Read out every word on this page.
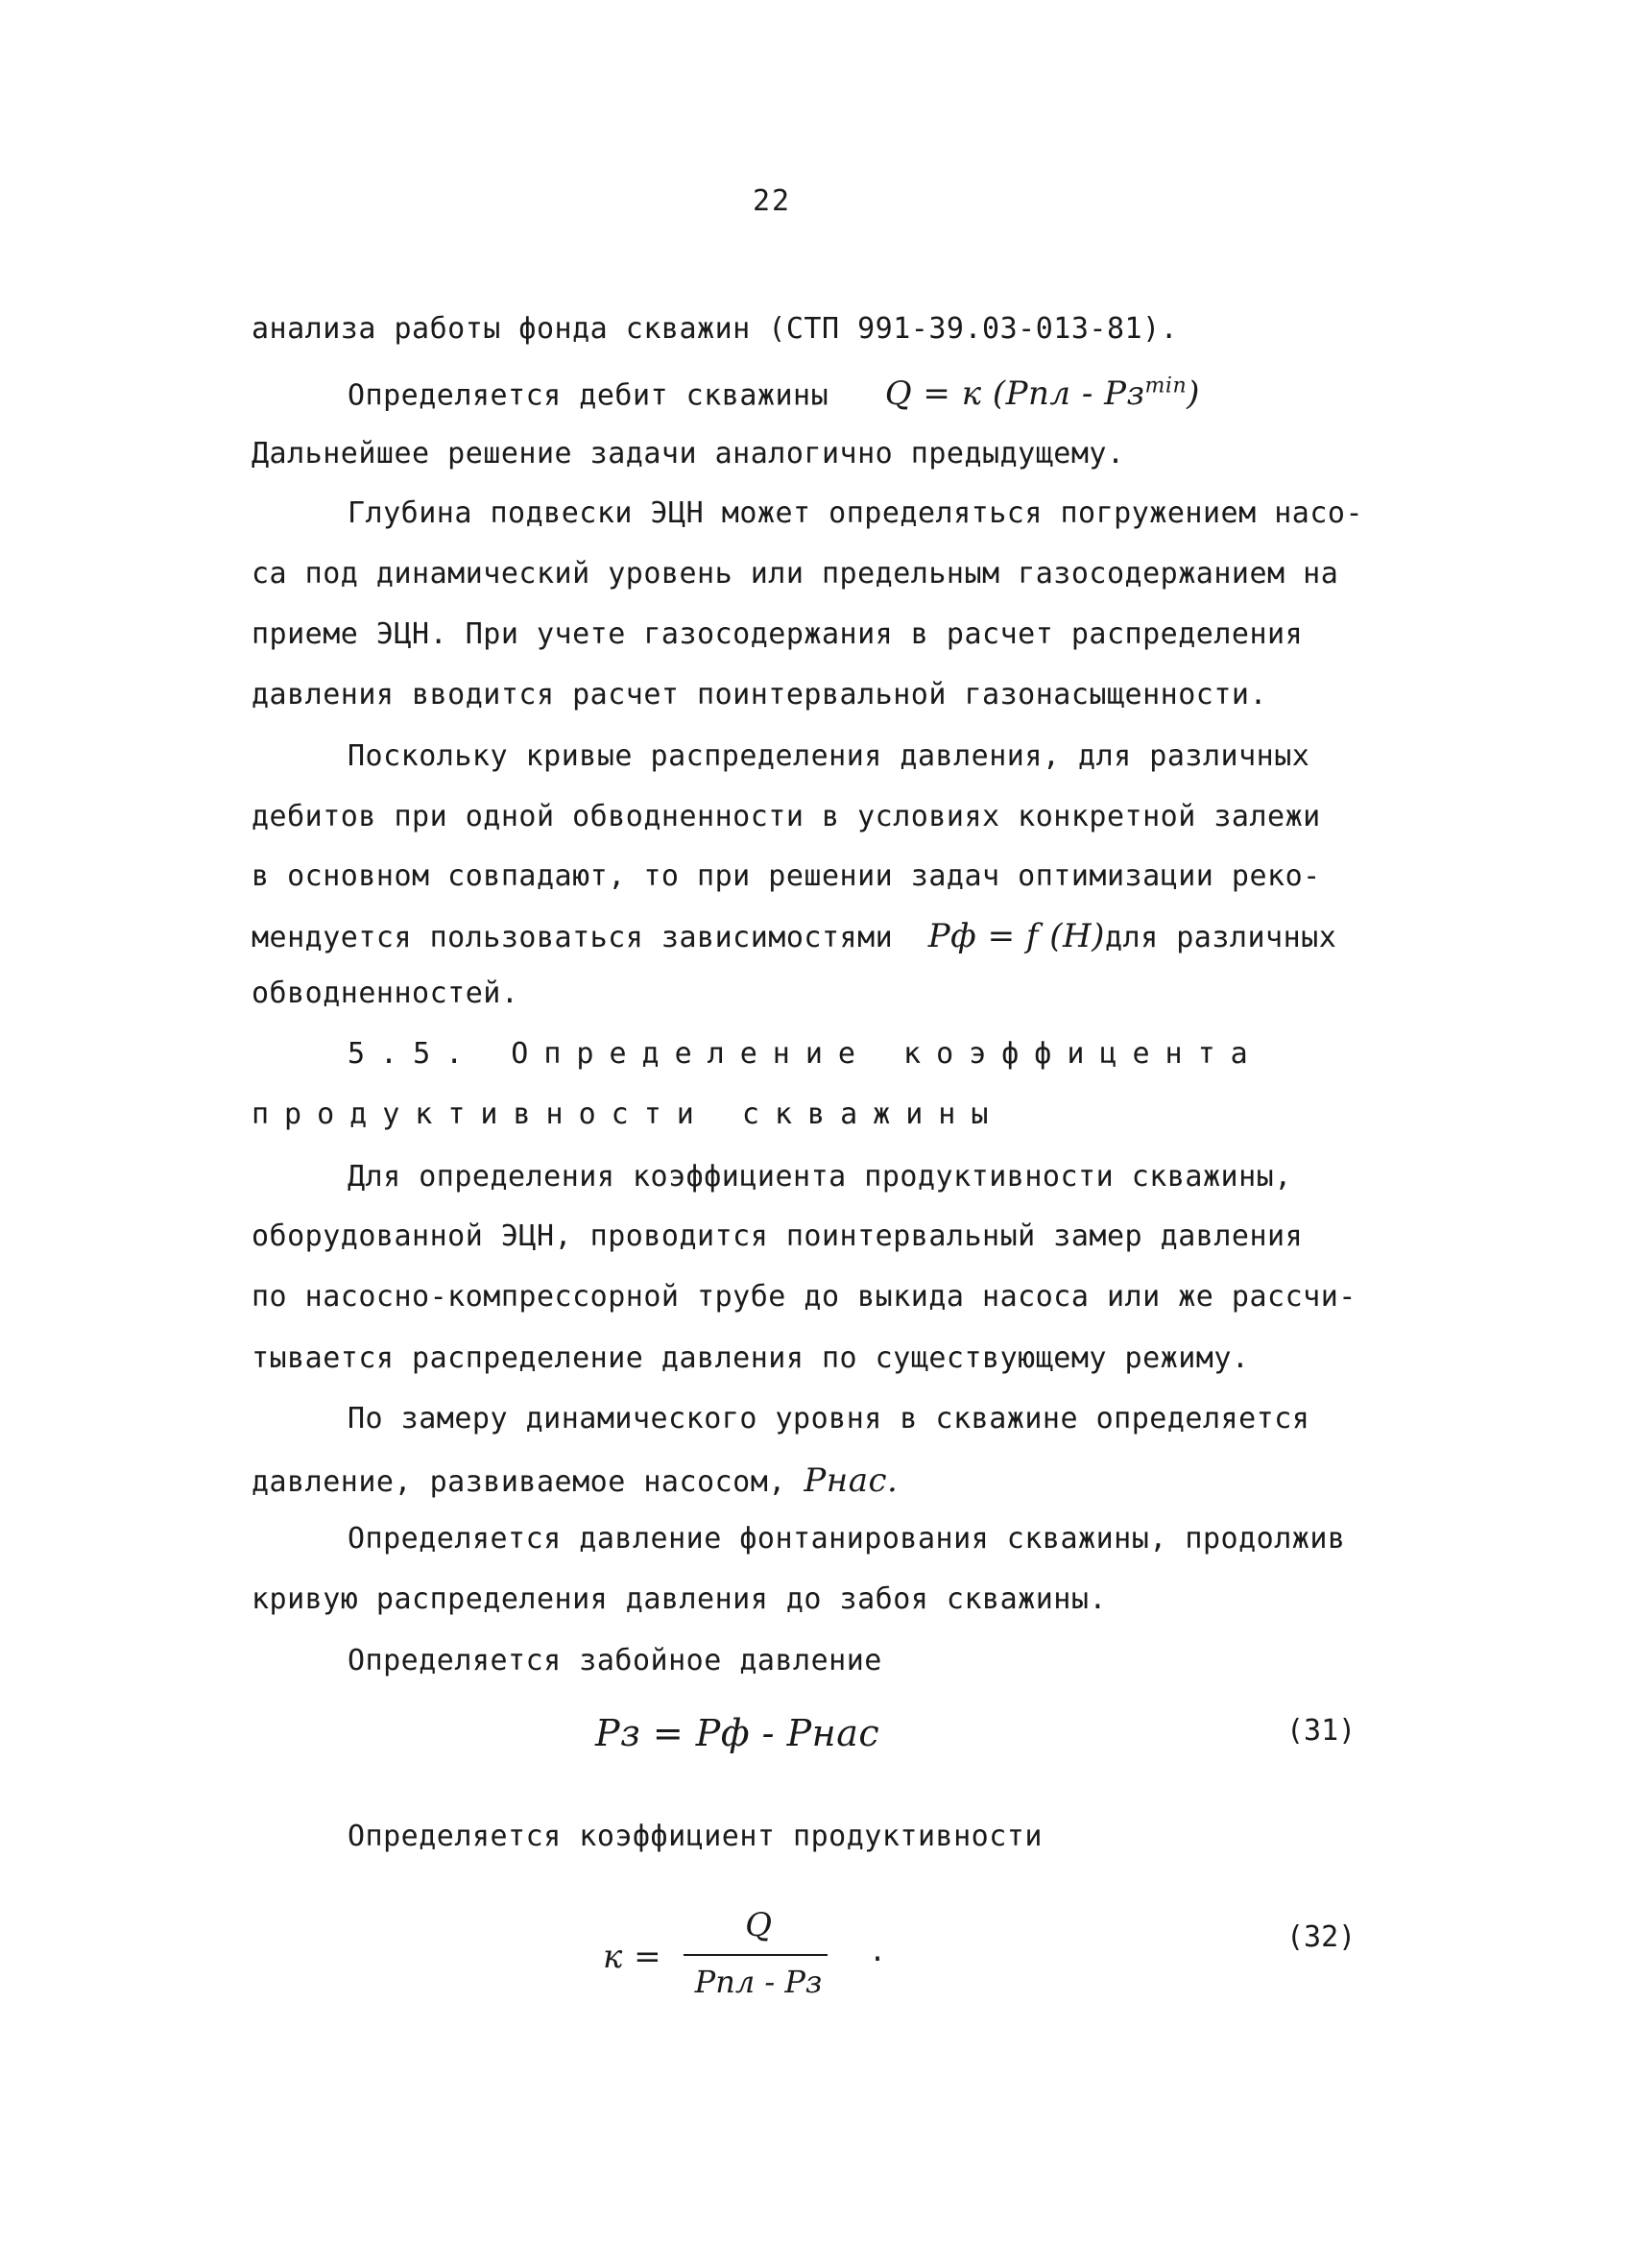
22
анализа работы фонда скважин (СТП 991-39.03-013-81).
Определяется дебит скважины Q = к $(Pпл - Pз^{min})$
Дальнейшее решение задачи аналогично предыдущему.
Глубина подвески ЭЦН может определяться погружением насо-
са под динамический уровень или предельным газосодержанием на
приеме ЭЦН. При учете газосодержания в расчет распределения
давления вводится расчет поинтервальной газонасыщенности.
Поскольку кривые распределения давления, для различных
дебитов при одной обводненности в условиях конкретной залежи
в основном совпадают, то при решении задач оптимизации реко-
мендуется пользоваться зависимостями Pф = f (H)для различных
обводненностей.
5.5. Определение коэффицента
продуктивности скважины
Для определения коэффициента продуктивности скважины,
оборудованной ЭЦН, проводится поинтервальный замер давления
по насосно-компрессорной трубе до выкида насоса или же рассчи-
тывается распределение давления по существующему режиму.
По замеру динамического уровня в скважине определяется
давление, развиваемое насосом, Pнас.
Определяется давление фонтанирования скважины, продолжив
кривую распределения давления до забоя скважины.
Определяется забойное давление
Pз = Pф - Pнас	(31)
Определяется коэффициент продуктивности
к =
Q
Pпл - Pз
.	(32)
